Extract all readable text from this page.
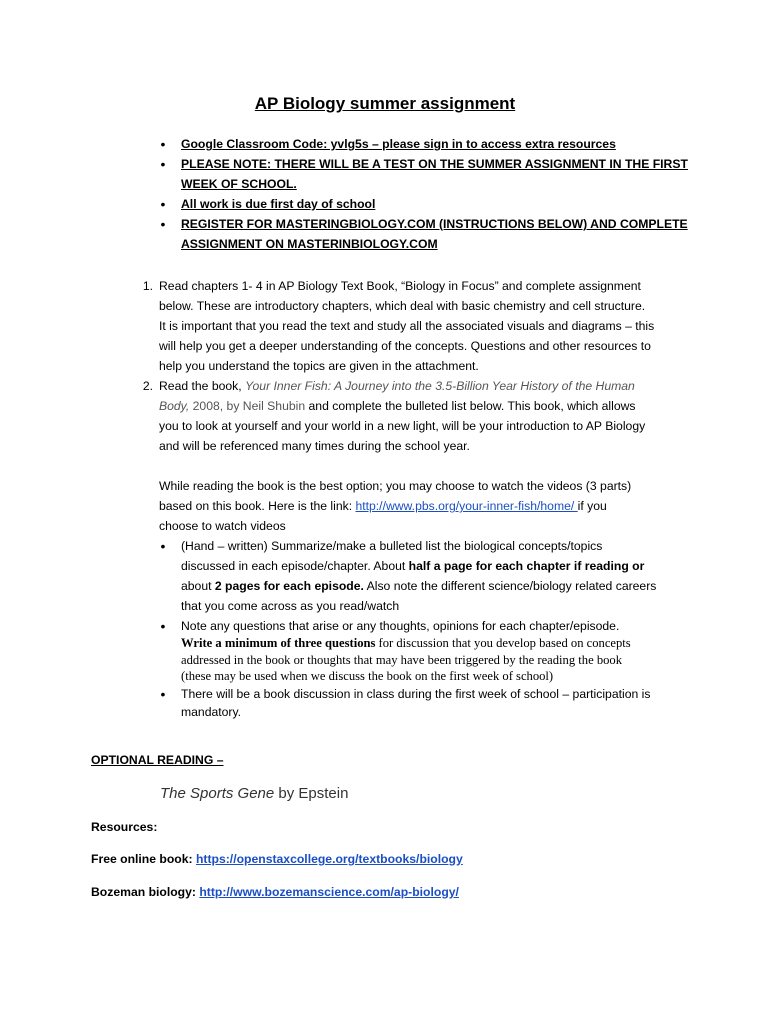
AP Biology summer assignment
• Google Classroom Code: yvlg5s – please sign in to access extra resources
• PLEASE NOTE: THERE WILL BE A TEST ON THE SUMMER ASSIGNMENT IN THE FIRST
WEEK OF SCHOOL.
• All work is due first day of school
• REGISTER FOR MASTERINGBIOLOGY.COM (INSTRUCTIONS BELOW) AND COMPLETE
ASSIGNMENT ON MASTERINBIOLOGY.COM
1. Read chapters 1- 4 in AP Biology Text Book, “Biology in Focus” and complete assignment
below. These are introductory chapters, which deal with basic chemistry and cell structure.
It is important that you read the text and study all the associated visuals and diagrams – this
will help you get a deeper understanding of the concepts. Questions and other resources to
help you understand the topics are given in the attachment.
2. Read the book, Your Inner Fish: A Journey into the 3.5-Billion Year History of the Human
Body, 2008, by Neil Shubin and complete the bulleted list below. This book, which allows
you to look at yourself and your world in a new light, will be your introduction to AP Biology
and will be referenced many times during the school year.
While reading the book is the best option; you may choose to watch the videos (3 parts)
based on this book. Here is the link: http://www.pbs.org/your-inner-fish/home/ if you
choose to watch videos
• (Hand – written) Summarize/make a bulleted list the biological concepts/topics
discussed in each episode/chapter. About half a page for each chapter if reading or
about 2 pages for each episode. Also note the different science/biology related careers
that you come across as you read/watch
• Note any questions that arise or any thoughts, opinions for each chapter/episode.
Write a minimum of three questions for discussion that you develop based on concepts
addressed in the book or thoughts that may have been triggered by the reading the book
(these may be used when we discuss the book on the first week of school)
• There will be a book discussion in class during the first week of school – participation is
mandatory.
OPTIONAL READING –
The Sports Gene by Epstein
Resources:
Free online book: https://openstaxcollege.org/textbooks/biology
Bozeman biology: http://www.bozemanscience.com/ap-biology/
